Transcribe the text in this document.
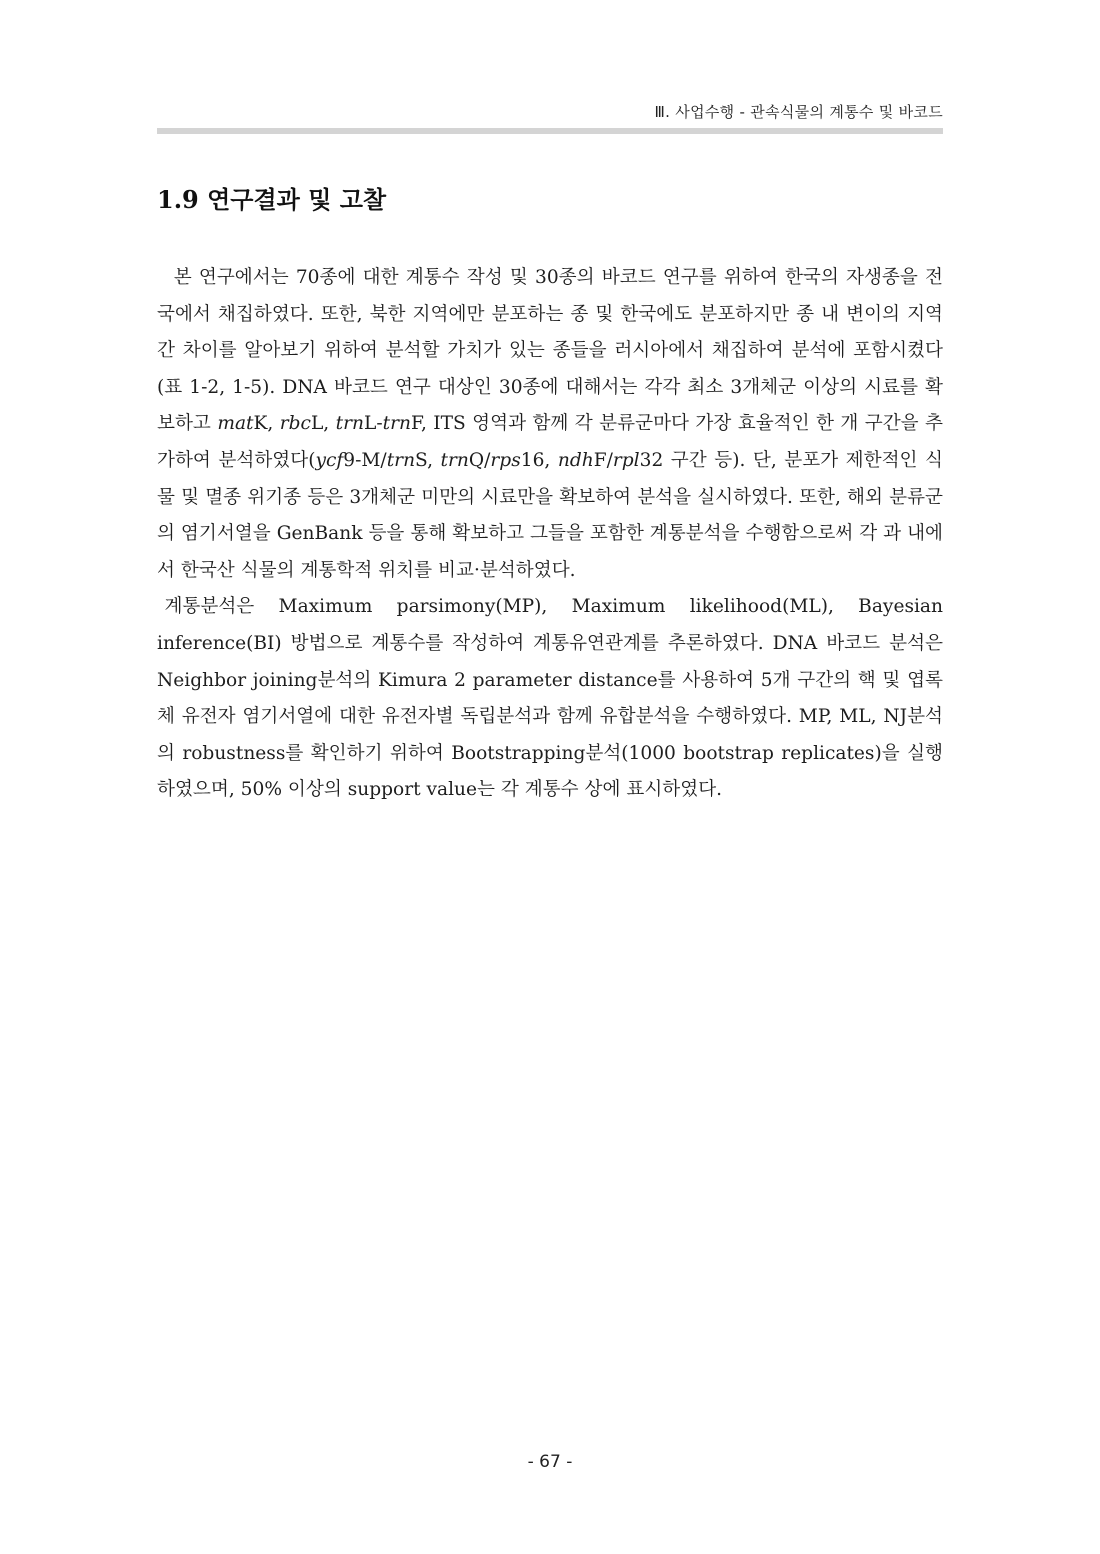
Ⅲ. 사업수행 - 관속식물의 계통수 및 바코드
1.9 연구결과 및 고찰

본 연구에서는 70종에 대한 계통수 작성 및 30종의 바코드 연구를 위하여 한국의 자생종을 전국에서 채집하였다. 또한, 북한 지역에만 분포하는 종 및 한국에도 분포하지만 종 내 변이의 지역 간 차이를 알아보기 위하여 분석할 가치가 있는 종들을 러시아에서 채집하여 분석에 포함시켰다(표 1-2, 1-5). DNA 바코드 연구 대상인 30종에 대해서는 각각 최소 3개체군 이상의 시료를 확보하고 matK, rbcL, trnL-trnF, ITS 영역과 함께 각 분류군마다 가장 효율적인 한 개 구간을 추가하여 분석하였다(ycf9-M/trnS, trnQ/rps16, ndhF/rpl32 구간 등). 단, 분포가 제한적인 식물 및 멸종 위기종 등은 3개체군 미만의 시료만을 확보하여 분석을 실시하였다. 또한, 해외 분류군의 염기서열을 GenBank 등을 통해 확보하고 그들을 포함한 계통분석을 수행함으로써 각 과 내에서 한국산 식물의 계통학적 위치를 비교·분석하였다.

계통분석은 Maximum parsimony(MP), Maximum likelihood(ML), Bayesian inference(BI) 방법으로 계통수를 작성하여 계통유연관계를 추론하였다. DNA 바코드 분석은 Neighbor joining분석의 Kimura 2 parameter distance를 사용하여 5개 구간의 핵 및 엽록체 유전자 염기서열에 대한 유전자별 독립분석과 함께 유합분석을 수행하였다. MP, ML, NJ분석의 robustness를 확인하기 위하여 Bootstrapping분석(1000 bootstrap replicates)을 실행하였으며, 50% 이상의 support value는 각 계통수 상에 표시하였다.

- 67 -
